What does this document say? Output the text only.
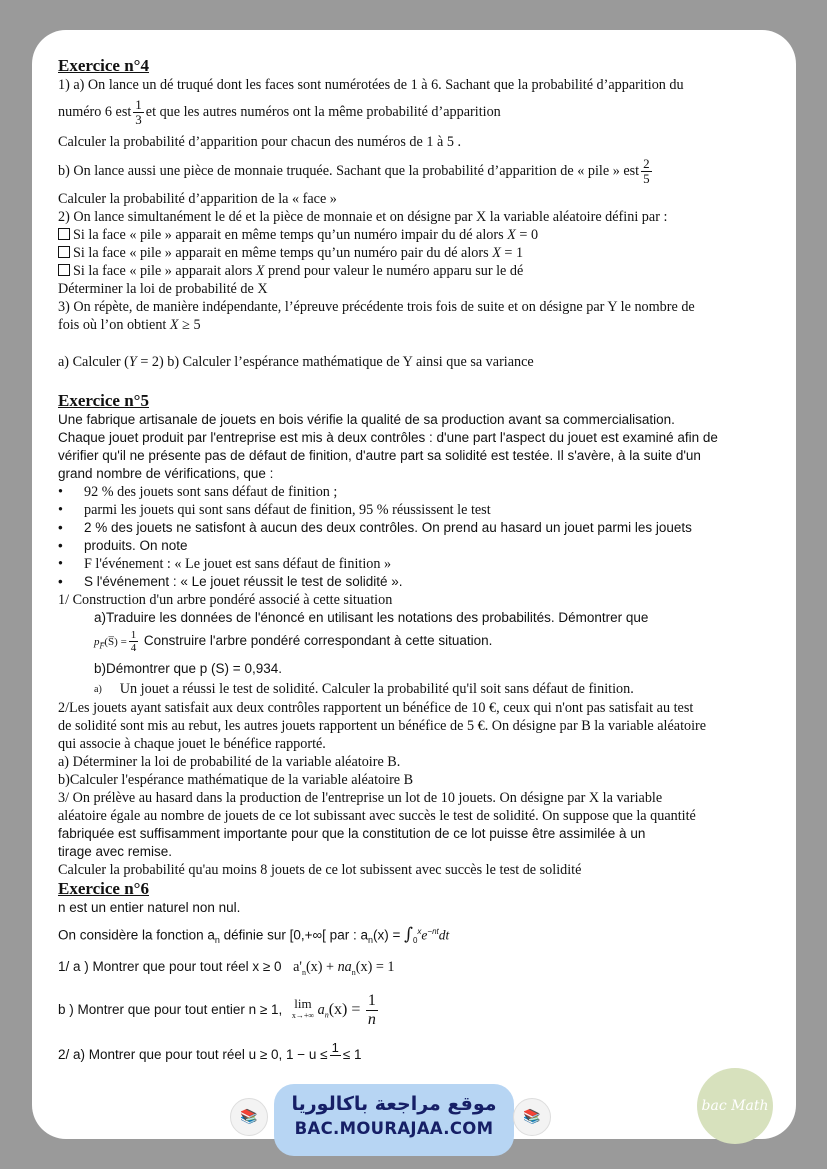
Exercice n°4
1) a) On lance un dé truqué dont les faces sont numérotées de 1 à 6. Sachant que la probabilité d’apparition du
numéro 6 est $\frac{1}{3}$ et que les autres numéros ont la même probabilité d’apparition
Calculer la probabilité d’apparition pour chacun des numéros de 1 à 5 .
b) On lance aussi une pièce de monnaie truquée. Sachant que la probabilité d’apparition de « pile » est $\frac{2}{5}$
Calculer la probabilité d’apparition de la « face »
2) On lance simultanément le dé et la pièce de monnaie et on désigne par X la variable aléatoire défini par :
Si la face « pile » apparait en même temps qu’un numéro impair du dé alors X = 0
Si la face « pile » apparait en même temps qu’un numéro pair du dé alors X = 1
Si la face « pile » apparait alors X prend pour valeur le numéro apparu sur le dé
Déterminer la loi de probabilité de X
3) On répète, de manière indépendante, l’épreuve précédente trois fois de suite et on désigne par Y le nombre de
fois où l’on obtient X ≥ 5
a) Calculer (Y = 2) b) Calculer l’espérance mathématique de Y ainsi que sa variance
Exercice n°5
Une fabrique artisanale de jouets en bois vérifie la qualité de sa production avant sa commercialisation.
Chaque jouet produit par l'entreprise est mis à deux contrôles : d'une part l'aspect du jouet est examiné afin de
vérifier qu'il ne présente pas de défaut de finition, d'autre part sa solidité est testée. Il s'avère, à la suite d'un
grand nombre de vérifications, que :
• 92 % des jouets sont sans défaut de finition ;
• parmi les jouets qui sont sans défaut de finition, 95 % réussissent le test
• 2 % des jouets ne satisfont à aucun des deux contrôles. On prend au hasard un jouet parmi les jouets
• produits. On note
• F l'événement : « Le jouet est sans défaut de finition »
• S l'événement : « Le jouet réussit le test de solidité ».
1/ Construction d'un arbre pondéré associé à cette situation
a)Traduire les données de l'énoncé en utilisant les notations des probabilités. Démontrer que
$p_{F̅}(S̅) = \frac{1}{4}$ Construire l'arbre pondéré correspondant à cette situation.
b)Démontrer que p (S) = 0,934.
a) Un jouet a réussi le test de solidité. Calculer la probabilité qu'il soit sans défaut de finition.
2/Les jouets ayant satisfait aux deux contrôles rapportent un bénéfice de 10 €, ceux qui n'ont pas satisfait au test
de solidité sont mis au rebut, les autres jouets rapportent un bénéfice de 5 €. On désigne par B la variable aléatoire
qui associe à chaque jouet le bénéfice rapporté.
a) Déterminer la loi de probabilité de la variable aléatoire B.
b)Calculer l'espérance mathématique de la variable aléatoire B
3/ On prélève au hasard dans la production de l'entreprise un lot de 10 jouets. On désigne par X la variable
aléatoire égale au nombre de jouets de ce lot subissant avec succès le test de solidité. On suppose que la quantité
fabriquée est suffisamment importante pour que la constitution de ce lot puisse être assimilée à un
tirage avec remise.
Calculer la probabilité qu'au moins 8 jouets de ce lot subissent avec succès le test de solidité
Exercice n°6
n est un entier naturel non nul.
On considère la fonction $a_n$ définie sur [0,+∞[ par : $a_n(x) = \int_0^xe^{-nt}dt$
1/ a ) Montrer que pour tout réel x ≥ 0 $a'_n(x) + na_n(x) = 1$
b ) Montrer que pour tout entier n ≥ 1, lim
x→+∞ $a_n(x) = \frac{1}{n}$
2/ a) Montrer que pour tout réel u ≥ 0, 1 − u ≤ 1
≤ 1
📚
موقع مراجعة باكالوريا
BAC.MOURAJAA.COM
📚
bac Math
